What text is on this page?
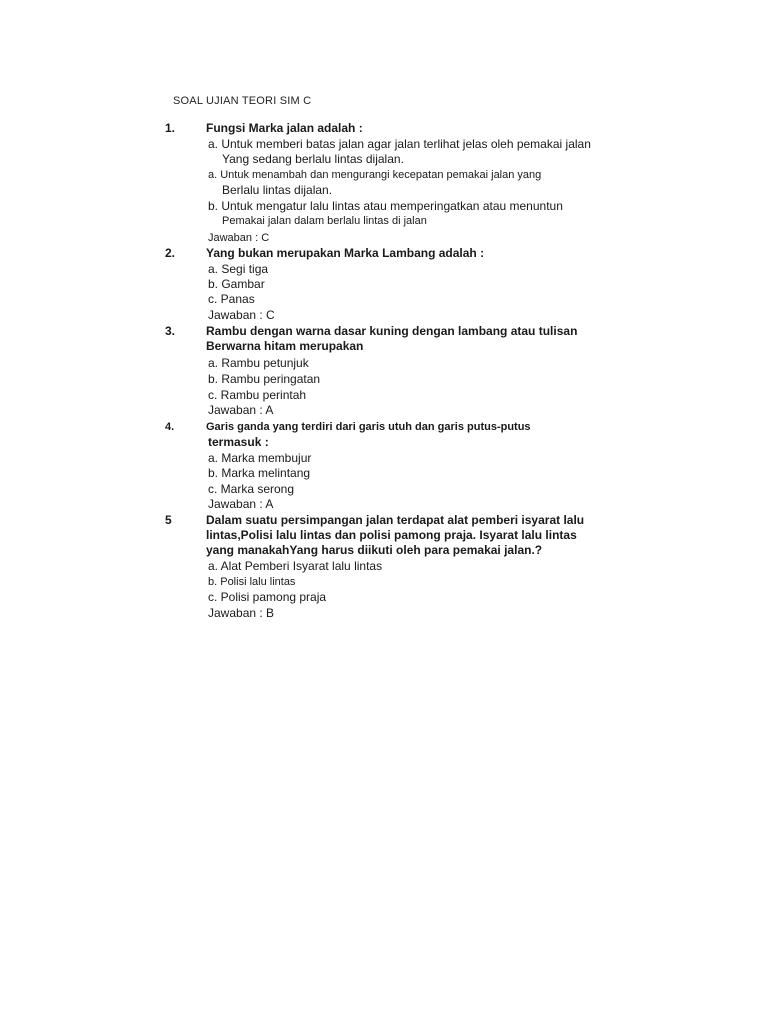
SOAL UJIAN TEORI SIM C
1.	Fungsi Marka jalan adalah :
a. Untuk memberi batas jalan agar jalan terlihat jelas oleh pemakai jalan
Yang sedang berlalu lintas dijalan.
a. Untuk menambah dan mengurangi kecepatan pemakai jalan yang
Berlalu lintas dijalan.
b. Untuk mengatur lalu lintas atau memperingatkan atau menuntun
Pemakai jalan dalam berlalu lintas di jalan
Jawaban : C
2.	Yang bukan merupakan Marka Lambang adalah :
a. Segi tiga
b. Gambar
c. Panas
Jawaban : C
3.	Rambu dengan warna dasar kuning dengan lambang atau tulisan
Berwarna hitam merupakan
a. Rambu petunjuk
b. Rambu peringatan
c. Rambu perintah
Jawaban : A
4.	Garis ganda yang terdiri dari garis utuh dan garis putus-putus
termasuk :
a. Marka membujur
b. Marka melintang
c. Marka serong
Jawaban : A
5	Dalam suatu persimpangan jalan terdapat alat pemberi isyarat lalu
lintas,Polisi lalu lintas dan polisi pamong praja. Isyarat lalu lintas
yang manakahYang harus diikuti oleh para pemakai jalan.?
a. Alat Pemberi Isyarat lalu lintas
b. Polisi lalu lintas
c. Polisi pamong praja
Jawaban : B
